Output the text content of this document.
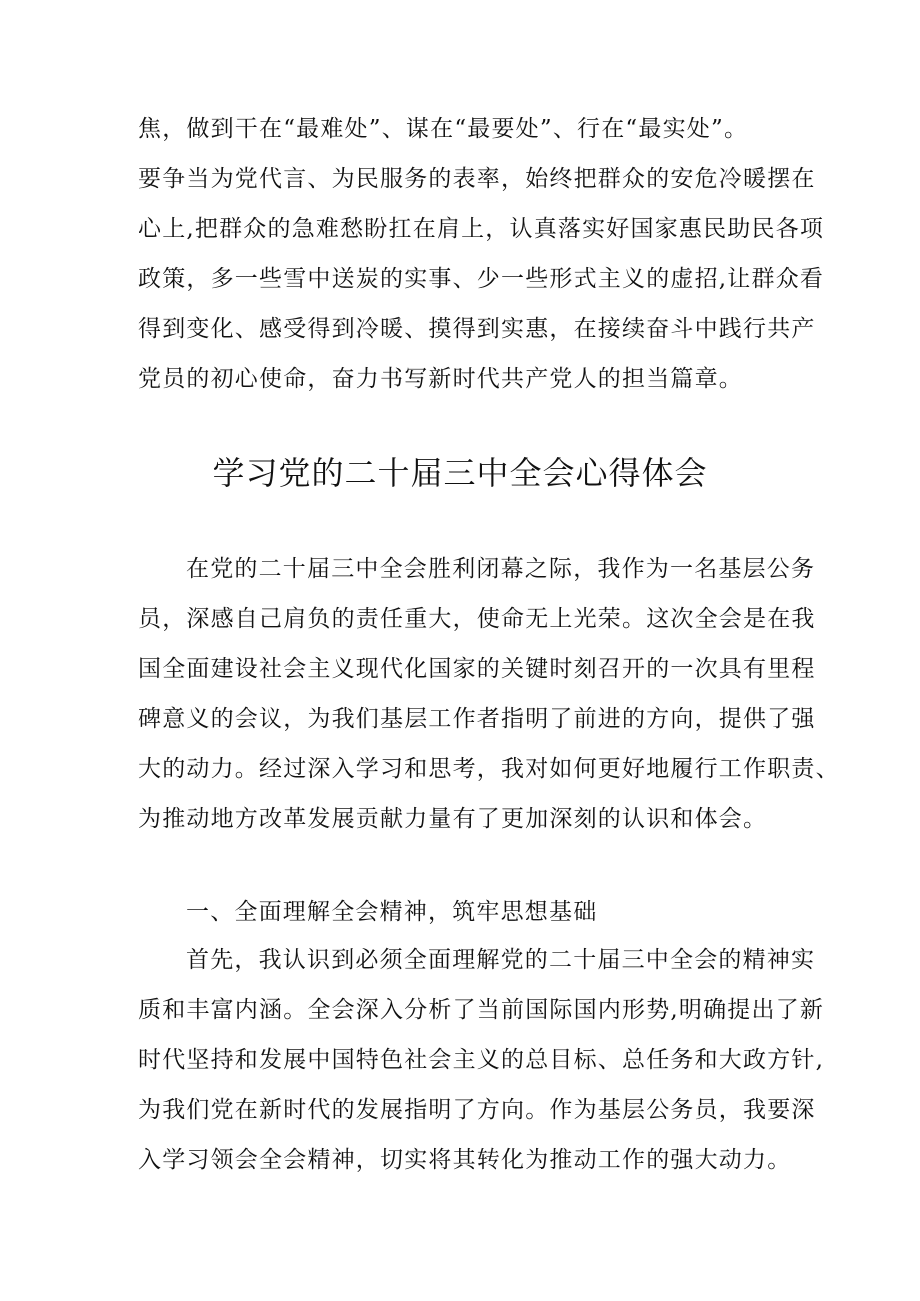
焦，做到干在“最难处”、谋在“最要处”、行在“最实处”。
要争当为党代言、为民服务的表率，始终把群众的安危冷暖摆在
心上,把群众的急难愁盼扛在肩上，认真落实好国家惠民助民各项
政策，多一些雪中送炭的实事、少一些形式主义的虚招,让群众看
得到变化、感受得到冷暖、摸得到实惠，在接续奋斗中践行共产
党员的初心使命，奋力书写新时代共产党人的担当篇章。
学习党的二十届三中全会心得体会
在党的二十届三中全会胜利闭幕之际，我作为一名基层公务
员，深感自己肩负的责任重大，使命无上光荣。这次全会是在我
国全面建设社会主义现代化国家的关键时刻召开的一次具有里程
碑意义的会议，为我们基层工作者指明了前进的方向，提供了强
大的动力。经过深入学习和思考，我对如何更好地履行工作职责、
为推动地方改革发展贡献力量有了更加深刻的认识和体会。
一、全面理解全会精神，筑牢思想基础
首先，我认识到必须全面理解党的二十届三中全会的精神实
质和丰富内涵。全会深入分析了当前国际国内形势,明确提出了新
时代坚持和发展中国特色社会主义的总目标、总任务和大政方针,
为我们党在新时代的发展指明了方向。作为基层公务员，我要深
入学习领会全会精神，切实将其转化为推动工作的强大动力。
